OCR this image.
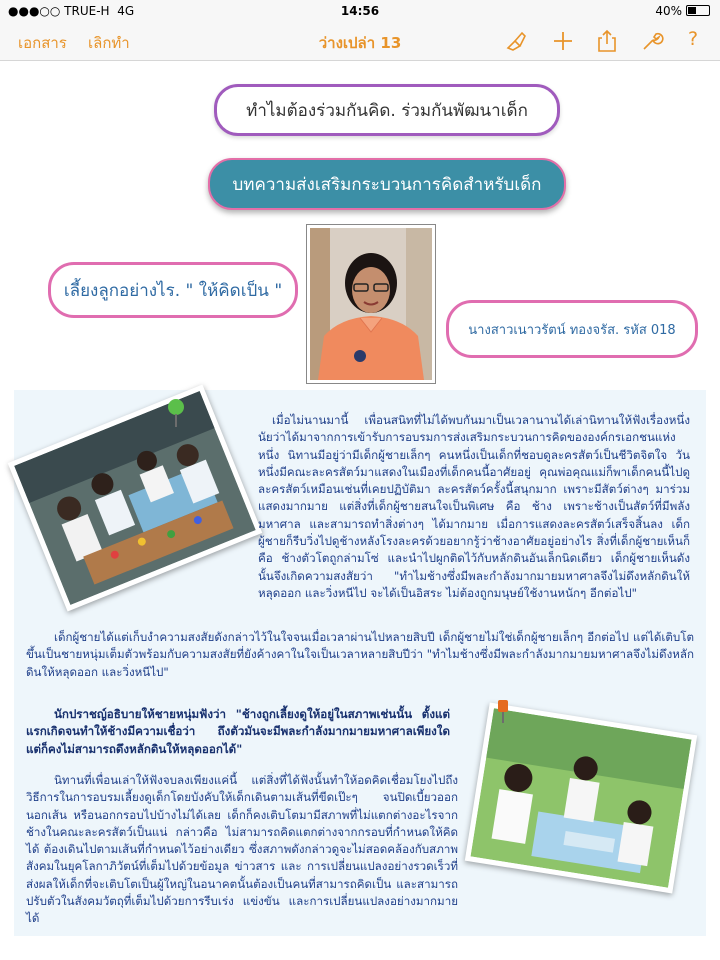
●●●○○ TRUE-H 4G	14:56	40%
เอกสาร เลิกทำ	ว่างเปล่า 13	?
ทำไมต้องร่วมกันคิด. ร่วมกันพัฒนาเด็ก
บทความส่งเสริมกระบวนการคิดสำหรับเด็ก
เลี้ยงลูกอย่างไร. " ให้คิดเป็น "
นางสาวเนาวรัตน์ ทองจรัส. รหัส 018
เมื่อไม่นานมานี้ เพื่อนสนิทที่ไม่ได้พบกันมาเป็นเวลานานได้เล่านิทานให้ฟังเรื่องหนึ่ง นัยว่าได้มาจากการเข้ารับการอบรมการส่งเสริมกระบวนการคิดขององค์กรเอกชนแห่งหนึ่ง นิทานมีอยู่ว่ามีเด็กผู้ชายเล็กๆ คนหนึ่งเป็นเด็กที่ชอบดูละครสัตว์เป็นชีวิตจิตใจ วันหนึ่งมีคณะละครสัตว์มาแสดงในเมืองที่เด็กคนนี้อาศัยอยู่ คุณพ่อคุณแม่ก็พาเด็กคนนี้ไปดูละครสัตว์เหมือนเช่นที่เคยปฏิบัติมา ละครสัตว์ครั้งนี้สนุกมาก เพราะมีสัตว์ต่างๆ มาร่วมแสดงมากมาย แต่สิ่งที่เด็กผู้ชายสนใจเป็นพิเศษ คือ ช้าง เพราะช้างเป็นสัตว์ที่มีพลังมหาศาล และสามารถทำสิ่งต่างๆ ได้มากมาย เมื่อการแสดงละครสัตว์เสร็จสิ้นลง เด็กผู้ชายก็รีบวิ่งไปดูช้างหลังโรงละครด้วยอยากรู้ว่าช้างอาศัยอยู่อย่างไร สิ่งที่เด็กผู้ชายเห็นก็คือ ช้างตัวโตถูกล่ามโซ่ และนำไปผูกติดไว้กับหลักดินอันเล็กนิดเดียว เด็กผู้ชายเห็นดังนั้นจึงเกิดความสงสัยว่า "ทำไมช้างซึ่งมีพละกำลังมากมายมหาศาลจึงไม่ดึงหลักดินให้หลุดออก และวิ่งหนีไป จะได้เป็นอิสระ ไม่ต้องถูกมนุษย์ใช้งานหนักๆ อีกต่อไป"
เด็กผู้ชายได้แต่เก็บงำความสงสัยดังกล่าวไว้ในใจจนเมื่อเวลาผ่านไปหลายสิบปี เด็กผู้ชายไม่ใช่เด็กผู้ชายเล็กๆ อีกต่อไป แต่ได้เติบโตขึ้นเป็นชายหนุ่มเต็มตัวพร้อมกับความสงสัยที่ยังค้างคาในใจเป็นเวลาหลายสิบปีว่า "ทำไมช้างซึ่งมีพละกำลังมากมายมหาศาลจึงไม่ดึงหลักดินให้หลุดออก และวิ่งหนีไป"
นักปราชญ์อธิบายให้ชายหนุ่มฟังว่า "ช้างถูกเลี้ยงดูให้อยู่ในสภาพเช่นนั้น ตั้งแต่แรกเกิดจนทำให้ช้างมีความเชื่อว่า ถึงตัวมันจะมีพละกำลังมากมายมหาศาลเพียงใด แต่ก็คงไม่สามารถดึงหลักดินให้หลุดออกได้"
นิทานที่เพื่อนเล่าให้ฟังจบลงเพียงแค่นี้ แต่สิ่งที่ได้ฟังนั้นทำให้อดคิดเชื่อมโยงไปถึงวิธีการในการอบรมเลี้ยงดูเด็กโดยบังคับให้เด็กเดินตามเส้นที่ขีดเป๊ะๆ จนปิดเบี้ยวออกนอกเส้น หรือนอกกรอบไปบ้างไม่ได้เลย เด็กก็คงเติบโตมามีสภาพที่ไม่แตกต่างอะไรจากช้างในคณะละครสัตว์เป็นแน่ กล่าวคือ ไม่สามารถคิดแตกต่างจากกรอบที่กำหนดให้คิดได้ ต้องเดินไปตามเส้นที่กำหนดไว้อย่างเดียว ซึ่งสภาพดังกล่าวดูจะไม่สอดคล้องกับสภาพสังคมในยุคโลกาภิวัตน์ที่เต็มไปด้วยข้อมูล ข่าวสาร และ การเปลี่ยนแปลงอย่างรวดเร็วที่ส่งผลให้เด็กที่จะเติบโตเป็นผู้ใหญ่ในอนาคตนั้นต้องเป็นคนที่สามารถคิดเป็น และสามารถปรับตัวในสังคมวัตถุที่เต็มไปด้วยการรีบเร่ง แข่งขัน และการเปลี่ยนแปลงอย่างมากมายได้
